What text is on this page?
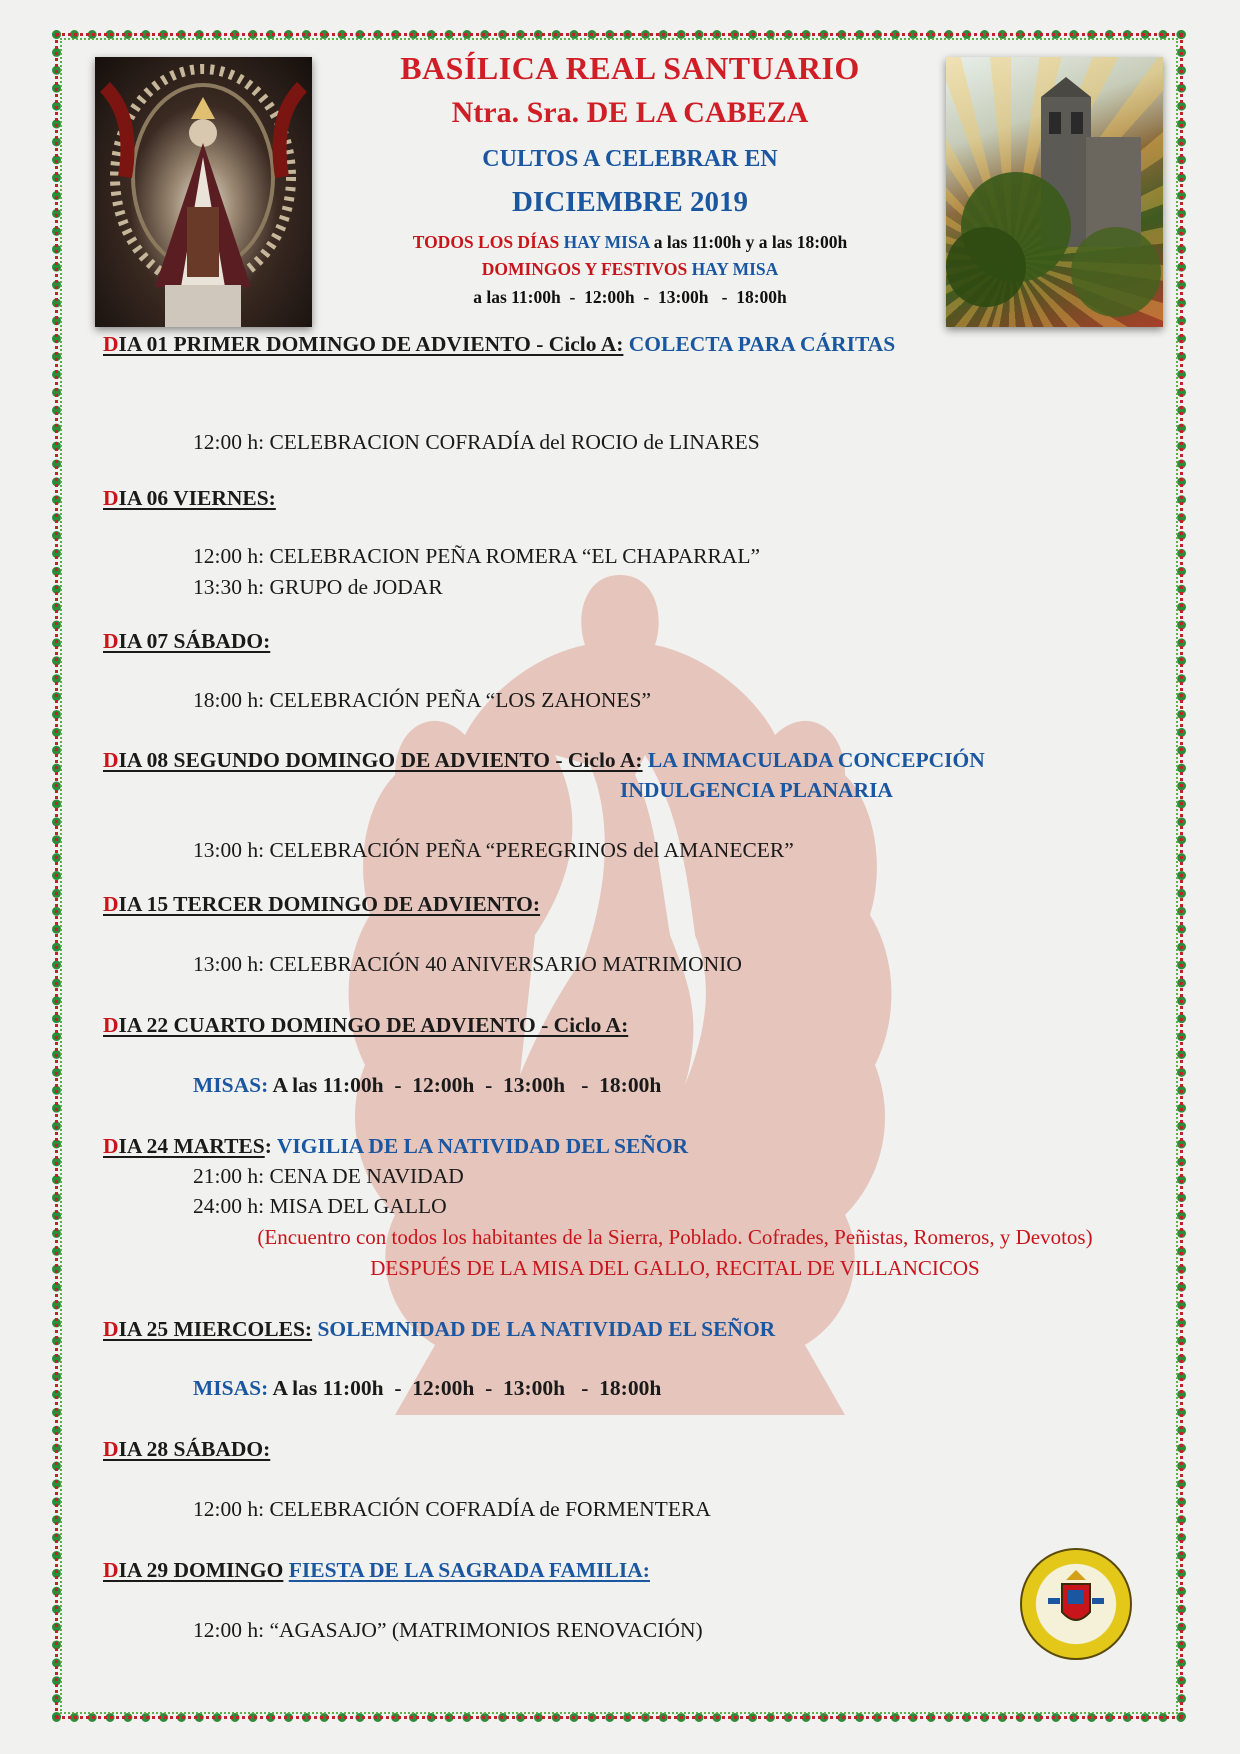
BASÍLICA REAL SANTUARIO
Ntra. Sra. DE LA CABEZA
CULTOS A CELEBRAR EN
DICIEMBRE 2019
TODOS LOS DÍAS HAY MISA a las 11:00h y a las 18:00h
DOMINGOS Y FESTIVOS HAY MISA
a las 11:00h  -  12:00h  -  13:00h   -  18:00h
DIA 01 PRIMER DOMINGO DE ADVIENTO - Ciclo A: COLECTA PARA CÁRITAS
12:00 h: CELEBRACION COFRADÍA del ROCIO de LINARES
DIA 06 VIERNES:
12:00 h: CELEBRACION PEÑA ROMERA “EL CHAPARRAL”
13:30 h: GRUPO de JODAR
DIA 07 SÁBADO:
18:00 h: CELEBRACIÓN PEÑA “LOS ZAHONES”
DIA 08 SEGUNDO DOMINGO DE ADVIENTO - Ciclo A: LA INMACULADA CONCEPCIÓN
INDULGENCIA PLANARIA
13:00 h: CELEBRACIÓN PEÑA “PEREGRINOS del AMANECER”
DIA 15 TERCER DOMINGO DE ADVIENTO:
13:00 h: CELEBRACIÓN 40 ANIVERSARIO MATRIMONIO
DIA 22 CUARTO DOMINGO DE ADVIENTO - Ciclo A:
MISAS: A las 11:00h  -  12:00h  -  13:00h   -  18:00h
DIA 24 MARTES: VIGILIA DE LA NATIVIDAD DEL SEÑOR
21:00 h: CENA DE NAVIDAD
24:00 h: MISA DEL GALLO
(Encuentro con todos los habitantes de la Sierra, Poblado. Cofrades, Peñistas, Romeros, y Devotos)
DESPUÉS DE LA MISA DEL GALLO, RECITAL DE VILLANCICOS
DIA 25 MIERCOLES: SOLEMNIDAD DE LA NATIVIDAD EL SEÑOR
MISAS: A las 11:00h  -  12:00h  -  13:00h   -  18:00h
DIA 28 SÁBADO:
12:00 h: CELEBRACIÓN COFRADÍA de FORMENTERA
DIA 29 DOMINGO FIESTA DE LA SAGRADA FAMILIA:
12:00 h: “AGASAJO” (MATRIMONIOS RENOVACIÓN)
